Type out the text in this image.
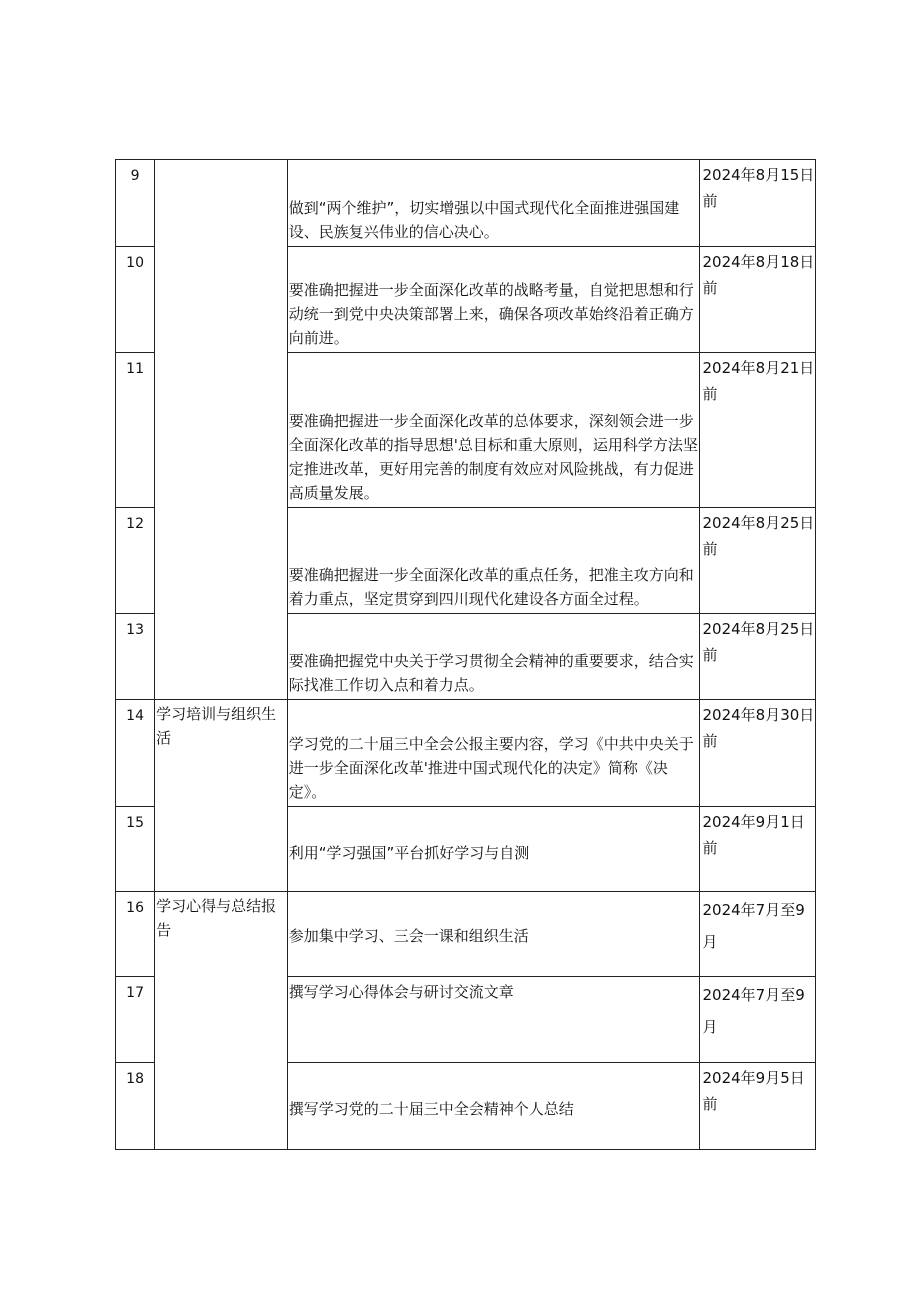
9		做到“两个维护”，切实增强以中国式现代化全面推进强国建设、民族复兴伟业的信心决心。	2024年8月15日前

10		要准确把握进一步全面深化改革的战略考量，自觉把思想和行动统一到党中央决策部署上来，确保各项改革始终沿着正确方向前进。	2024年8月18日前

11		要准确把握进一步全面深化改革的总体要求，深刻领会进一步全面深化改革的指导思想'总目标和重大原则，运用科学方法坚定推进改革，更好用完善的制度有效应对风险挑战，有力促进高质量发展。	2024年8月21日前

12		要准确把握进一步全面深化改革的重点任务，把准主攻方向和着力重点，坚定贯穿到四川现代化建设各方面全过程。	2024年8月25日前

13		要准确把握党中央关于学习贯彻全会精神的重要要求，结合实际找准工作切入点和着力点。	2024年8月25日前

14	学习培训与组织生活	学习党的二十届三中全会公报主要内容，学习《中共中央关于进一步全面深化改革'推进中国式现代化的决定》简称《决定》。	2024年8月30日前

15		利用“学习强国”平台抓好学习与自测	2024年9月1日前

16	学习心得与总结报告	参加集中学习、三会一课和组织生活	2024年7月至9月

17		撰写学习心得体会与研讨交流文章	2024年7月至9月

18		撰写学习党的二十届三中全会精神个人总结	2024年9月5日前
